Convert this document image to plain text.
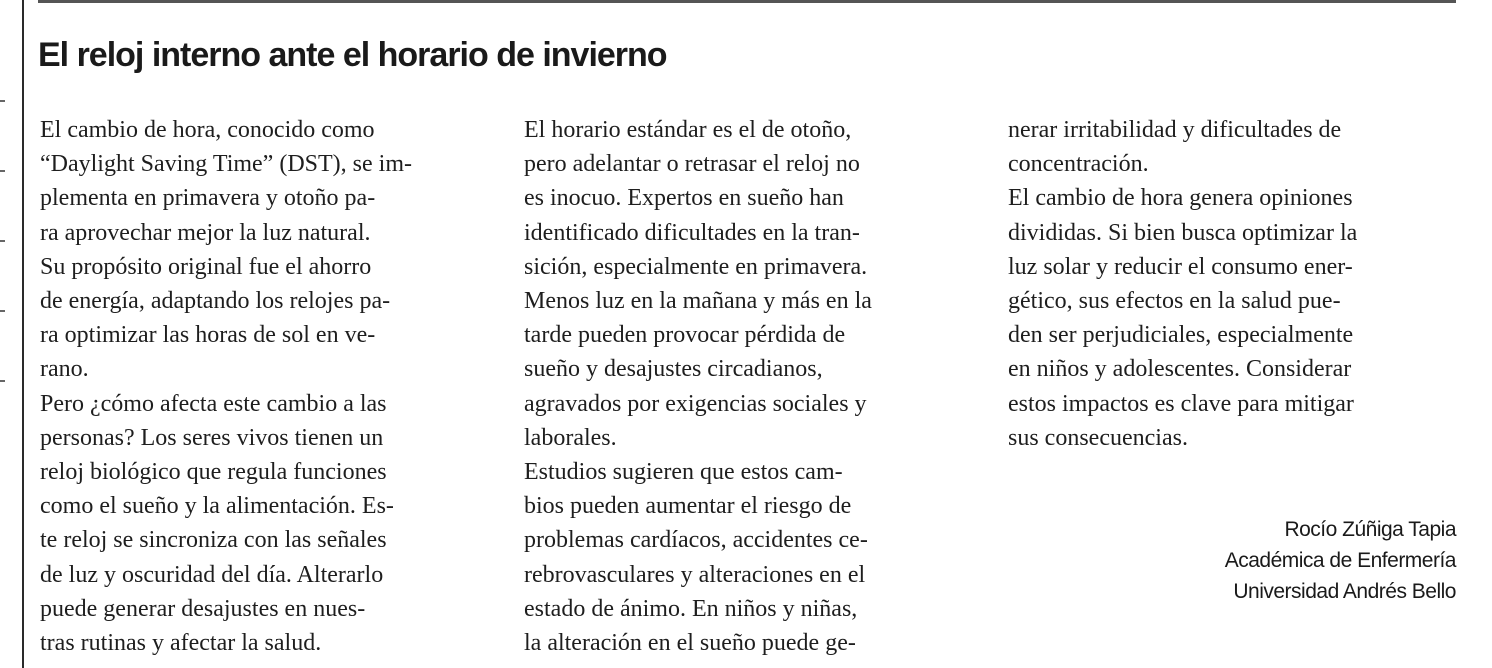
El reloj interno ante el horario de invierno
El cambio de hora, conocido como
“Daylight Saving Time” (DST), se im-
plementa en primavera y otoño pa-
ra aprovechar mejor la luz natural.
Su propósito original fue el ahorro
de energía, adaptando los relojes pa-
ra optimizar las horas de sol en ve-
rano.
Pero ¿cómo afecta este cambio a las
personas? Los seres vivos tienen un
reloj biológico que regula funciones
como el sueño y la alimentación. Es-
te reloj se sincroniza con las señales
de luz y oscuridad del día. Alterarlo
puede generar desajustes en nues-
tras rutinas y afectar la salud.
El horario estándar es el de otoño,
pero adelantar o retrasar el reloj no
es inocuo. Expertos en sueño han
identificado dificultades en la tran-
sición, especialmente en primavera.
Menos luz en la mañana y más en la
tarde pueden provocar pérdida de
sueño y desajustes circadianos,
agravados por exigencias sociales y
laborales.
Estudios sugieren que estos cam-
bios pueden aumentar el riesgo de
problemas cardíacos, accidentes ce-
rebrovasculares y alteraciones en el
estado de ánimo. En niños y niñas,
la alteración en el sueño puede ge-
nerar irritabilidad y dificultades de
concentración.
El cambio de hora genera opiniones
divididas. Si bien busca optimizar la
luz solar y reducir el consumo ener-
gético, sus efectos en la salud pue-
den ser perjudiciales, especialmente
en niños y adolescentes. Considerar
estos impactos es clave para mitigar
sus consecuencias.
Rocío Zúñiga Tapia
Académica de Enfermería
Universidad Andrés Bello
